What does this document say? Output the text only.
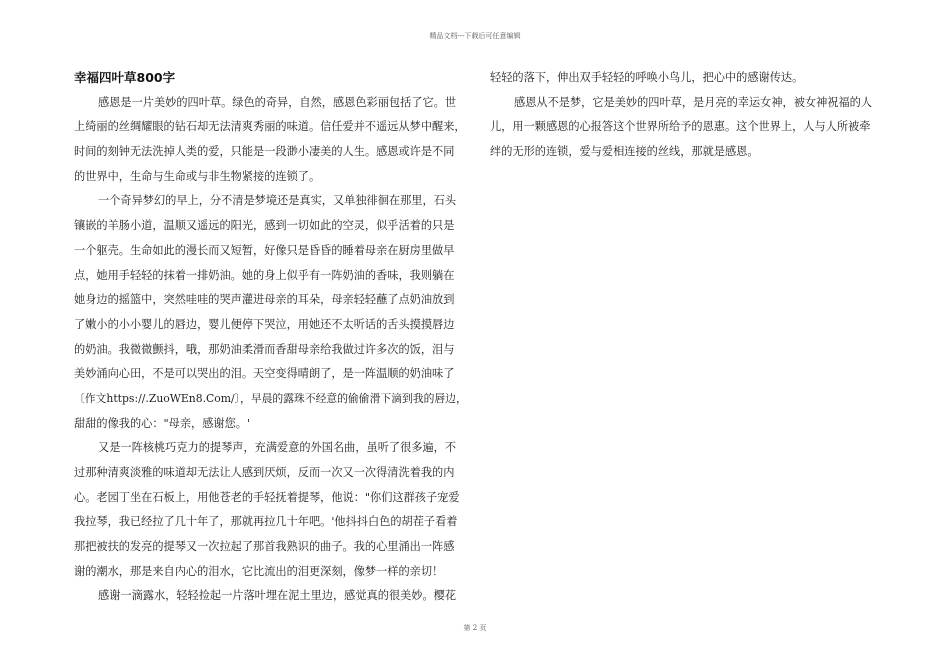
精品文档---下载后可任意编辑
幸福四叶草800字
感恩是一片美妙的四叶草。绿色的奇异，自然，感恩色彩丽包括了它。世
上绮丽的丝绸耀眼的钻石却无法清爽秀丽的味道。信任爱并不遥远从梦中醒来，
时间的刻钟无法洗掉人类的爱，只能是一段渺小凄美的人生。感恩或许是不同
的世界中，生命与生命或与非生物紧接的连锁了。
一个奇异梦幻的早上，分不清是梦境还是真实，又单独徘徊在那里，石头
镶嵌的羊肠小道，温顺又遥远的阳光，感到一切如此的空灵，似乎活着的只是
一个躯壳。生命如此的漫长而又短暂，好像只是昏昏的睡着母亲在厨房里做早
点，她用手轻轻的抹着一排奶油。她的身上似乎有一阵奶油的香味，我则躺在
她身边的摇篮中，突然哇哇的哭声灌进母亲的耳朵，母亲轻轻蘸了点奶油放到
了嫩小的小小婴儿的唇边，婴儿便停下哭泣，用她还不太听话的舌头摸摸唇边
的奶油。我微微颤抖，哦，那奶油柔滑而香甜母亲给我做过许多次的饭，泪与
美妙涌向心田，不是可以哭出的泪。天空变得晴朗了，是一阵温顺的奶油味了
〔作文https://.ZuoWEn8.Com/〕，早晨的露珠不经意的偷偷滑下滴到我的唇边，
甜甜的像我的心："母亲，感谢您。'
又是一阵核桃巧克力的提琴声，充满爱意的外国名曲，虽听了很多遍，不
过那种清爽淡雅的味道却无法让人感到厌烦，反而一次又一次得清洗着我的内
心。老园丁坐在石板上，用他苍老的手轻抚着提琴，他说："你们这群孩子宠爱
我拉琴，我已经拉了几十年了，那就再拉几十年吧。'他抖抖白色的胡茬子看着
那把被扶的发亮的提琴又一次拉起了那首我熟识的曲子。我的心里涌出一阵感
谢的潮水，那是来自内心的泪水，它比流出的泪更深刻，像梦一样的亲切！
感谢一滴露水，轻轻捡起一片落叶埋在泥土里边，感觉真的很美妙。樱花
轻轻的落下，伸出双手轻轻的呼唤小鸟儿，把心中的感谢传达。
感恩从不是梦，它是美妙的四叶草，是月亮的幸运女神，被女神祝福的人
儿，用一颗感恩的心报答这个世界所给予的恩惠。这个世界上，人与人所被牵
绊的无形的连锁，爱与爱相连接的丝线，那就是感恩。
第 2 页
